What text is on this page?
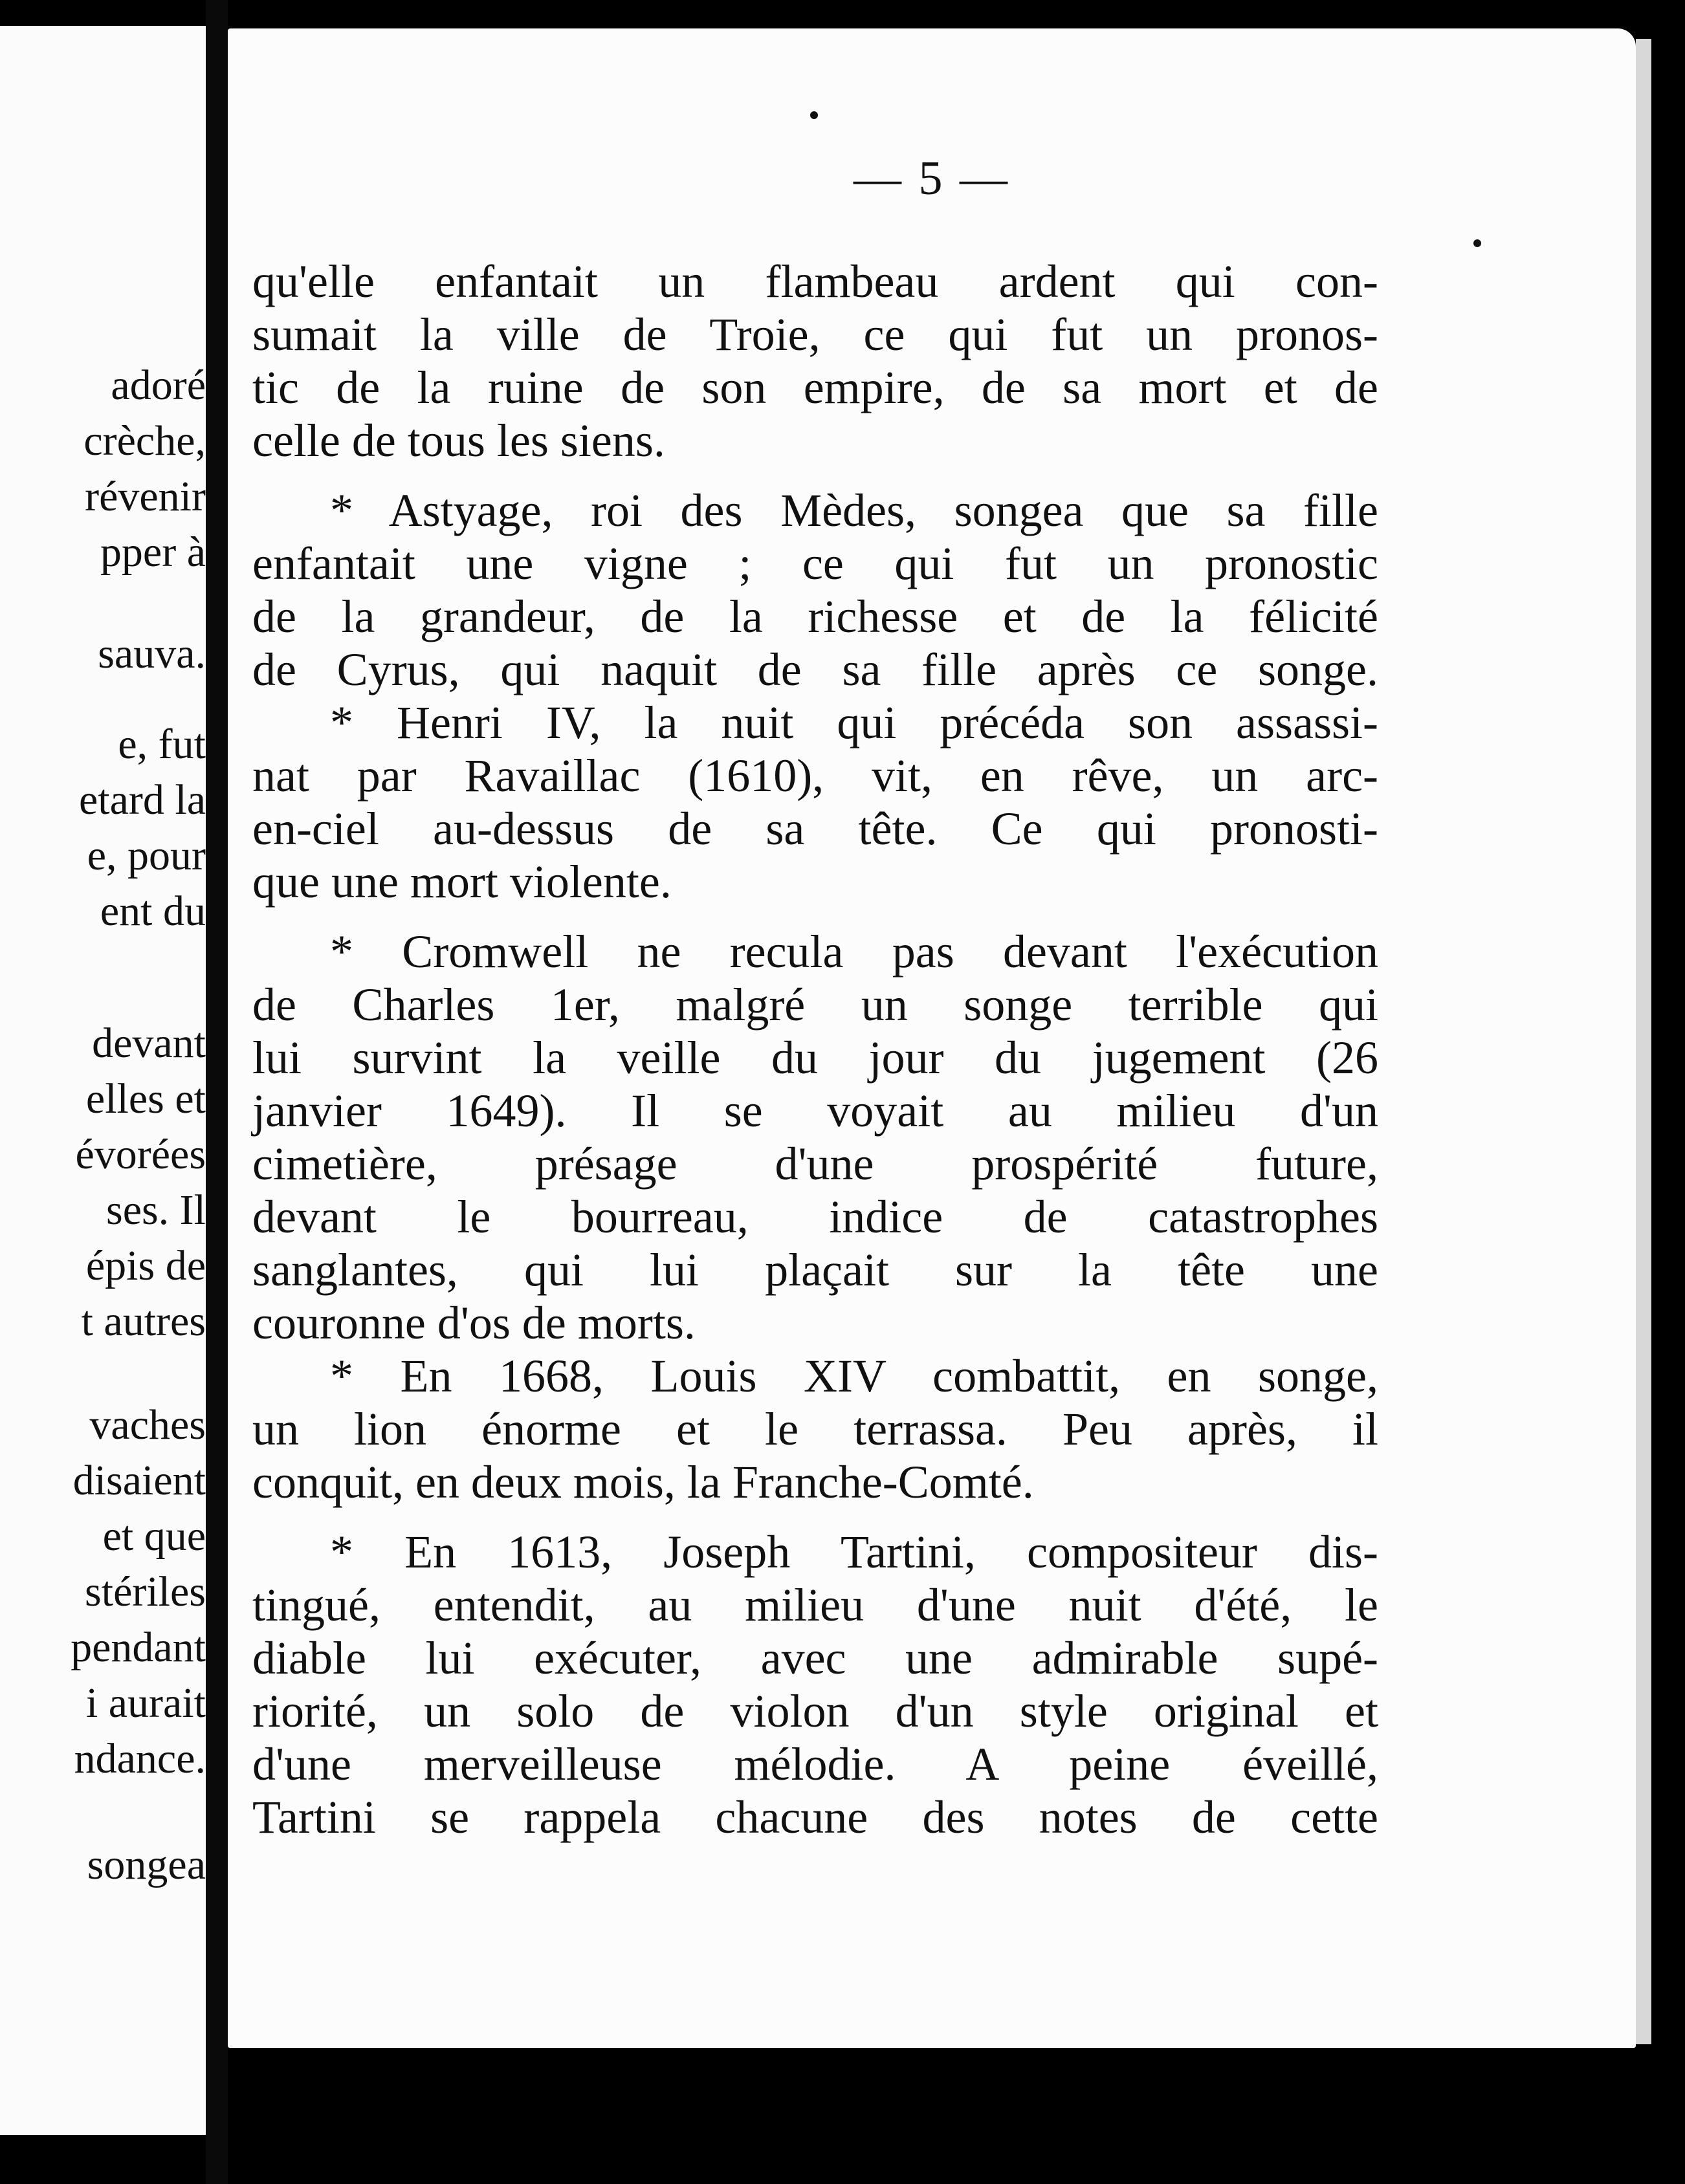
adoré
crèche,
révenir
pper à
sauva.
e, fut
etard la
e, pour
ent du
devant
elles et
évorées
ses. Il
épis de
t autres
vaches
disaient
et que
stériles
pendant
i aurait
ndance.
songea
— 5 —
qu'elle enfantait un flambeau ardent qui con-
sumait la ville de Troie, ce qui fut un pronos-
tic de la ruine de son empire, de sa mort et de
celle de tous les siens.
* Astyage, roi des Mèdes, songea que sa fille
enfantait une vigne ; ce qui fut un pronostic
de la grandeur, de la richesse et de la félicité
de Cyrus, qui naquit de sa fille après ce songe.
* Henri IV, la nuit qui précéda son assassi-
nat par Ravaillac (1610), vit, en rêve, un arc-
en-ciel au-dessus de sa tête. Ce qui pronosti-
que une mort violente.
* Cromwell ne recula pas devant l'exécution
de Charles 1er, malgré un songe terrible qui
lui survint la veille du jour du jugement (26
janvier 1649). Il se voyait au milieu d'un
cimetière, présage d'une prospérité future,
devant le bourreau, indice de catastrophes
sanglantes, qui lui plaçait sur la tête une
couronne d'os de morts.
* En 1668, Louis XIV combattit, en songe,
un lion énorme et le terrassa. Peu après, il
conquit, en deux mois, la Franche-Comté.
* En 1613, Joseph Tartini, compositeur dis-
tingué, entendit, au milieu d'une nuit d'été, le
diable lui exécuter, avec une admirable supé-
riorité, un solo de violon d'un style original et
d'une merveilleuse mélodie. A peine éveillé,
Tartini se rappela chacune des notes de cette
